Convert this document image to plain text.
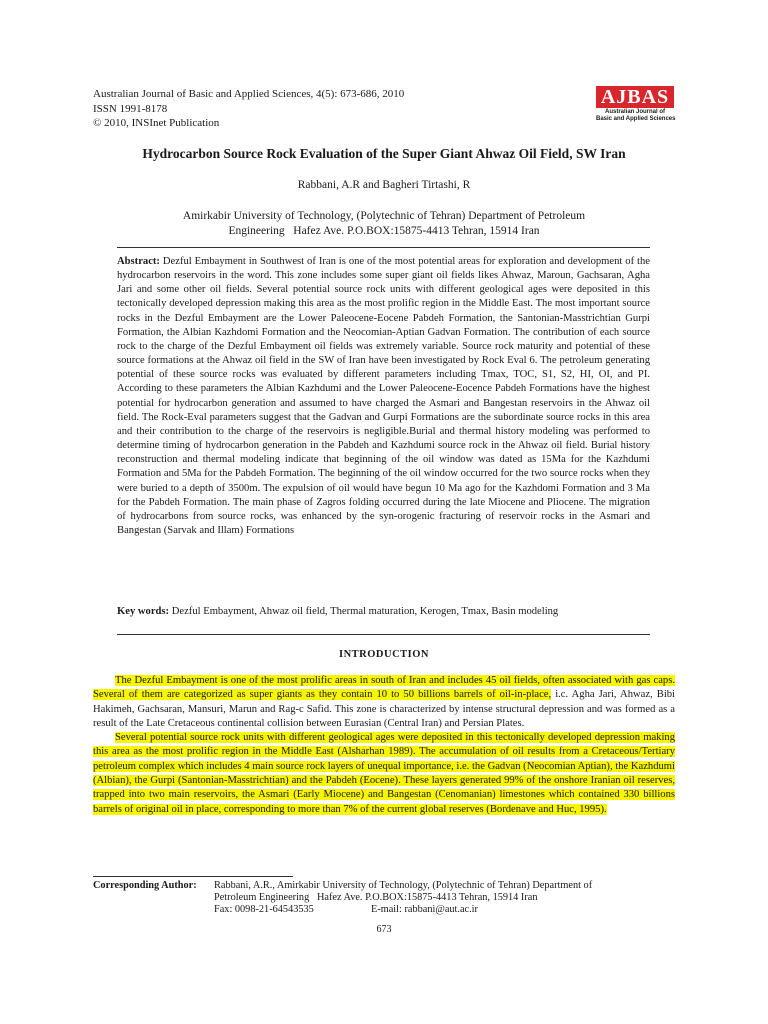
Australian Journal of Basic and Applied Sciences, 4(5): 673-686, 2010
ISSN 1991-8178
© 2010, INSInet Publication
AJBAS
Australian Journal of
Basic and Applied Sciences
Hydrocarbon Source Rock Evaluation of the Super Giant Ahwaz Oil Field, SW Iran
Rabbani, A.R and Bagheri Tirtashi, R
Amirkabir University of Technology, (Polytechnic of Tehran) Department of Petroleum
Engineering   Hafez Ave. P.O.BOX:15875-4413 Tehran, 15914 Iran
Abstract: Dezful Embayment in Southwest of Iran is one of the most potential areas for exploration and development of the hydrocarbon reservoirs in the word. This zone includes some super giant oil fields likes Ahwaz, Maroun, Gachsaran, Agha Jari and some other oil fields. Several potential source rock units with different geological ages were deposited in this tectonically developed depression making this area as the most prolific region in the Middle East. The most important source rocks in the Dezful Embayment are the Lower Paleocene-Eocene Pabdeh Formation, the Santonian-Masstrichtian Gurpi Formation, the Albian Kazhdomi Formation and the Neocomian-Aptian Gadvan Formation. The contribution of each source rock to the charge of the Dezful Embayment oil fields was extremely variable. Source rock maturity and potential of these source formations at the Ahwaz oil field in the SW of Iran have been investigated by Rock Eval 6. The petroleum generating potential of these source rocks was evaluated by different parameters including Tmax, TOC, S1, S2, HI, OI, and PI. According to these parameters the Albian Kazhdumi and the Lower Paleocene-Eocence Pabdeh Formations have the highest potential for hydrocarbon generation and assumed to have charged the Asmari and Bangestan reservoirs in the Ahwaz oil field. The Rock-Eval parameters suggest that the Gadvan and Gurpi Formations are the subordinate source rocks in this area and their contribution to the charge of the reservoirs is negligible.Burial and thermal history modeling was performed to determine timing of hydrocarbon generation in the Pabdeh and Kazhdumi source rock in the Ahwaz oil field. Burial history reconstruction and thermal modeling indicate that beginning of the oil window was dated as 15Ma for the Kazhdumi Formation and 5Ma for the Pabdeh Formation. The beginning of the oil window occurred for the two source rocks when they were buried to a depth of 3500m. The expulsion of oil would have begun 10 Ma ago for the Kazhdomi Formation and 3 Ma for the Pabdeh Formation. The main phase of Zagros folding occurred during the late Miocene and Pliocene. The migration of hydrocarbons from source rocks, was enhanced by the syn-orogenic fracturing of reservoir rocks in the Asmari and Bangestan (Sarvak and Illam) Formations
Key words: Dezful Embayment, Ahwaz oil field, Thermal maturation, Kerogen, Tmax, Basin modeling
INTRODUCTION

The Dezful Embayment is one of the most prolific areas in south of Iran and includes 45 oil fields, often associated with gas caps. Several of them are categorized as super giants as they contain 10 to 50 billions barrels of oil-in-place, i.c. Agha Jari, Ahwaz, Bibi Hakimeh, Gachsaran, Mansuri, Marun and Rag-c Safid. This zone is characterized by intense structural depression and was formed as a result of the Late Cretaceous continental collision between Eurasian (Central Iran) and Persian Plates.

Several potential source rock units with different geological ages were deposited in this tectonically developed depression making this area as the most prolific region in the Middle East (Alsharhan 1989). The accumulation of oil results from a Cretaceous/Tertiary petroleum complex which includes 4 main source rock layers of unequal importance, i.e. the Gadvan (Neocomian Aptian), the Kazhdumi (Albian), the Gurpi (Santonian-Masstrichtian) and the Pabdeh (Eocene). These layers generated 99% of the onshore Iranian oil reserves, trapped into two main reservoirs, the Asmari (Early Miocene) and Bangestan (Cenomanian) limestones which contained 330 billions barrels of original oil in place, corresponding to more than 7% of the current global reserves (Bordenave and Huc, 1995).

Corresponding Author: Rabbani, A.R., Amirkabir University of Technology, (Polytechnic of Tehran) Department of
Petroleum Engineering   Hafez Ave. P.O.BOX:15875-4413 Tehran, 15914 Iran
Fax: 0098-21-64543535	E-mail: rabbani@aut.ac.ir
673
